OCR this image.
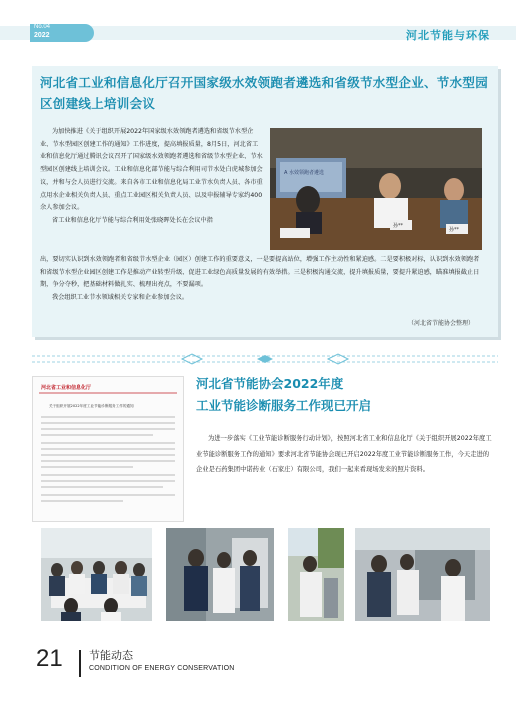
No.04
2022	河北节能与环保
河北省工业和信息化厅召开国家级水效领跑者遴选和省级节水型企业、节水型园区创建线上培训会议
A 水效领跑者遴选
孙**
孙**

为加快推进《关于组织开展2022年国家级水效领跑者遴选和省级节水型企业、节水型园区创建工作的通知》工作进度，提高填报质量，8月5日，河北省工业和信息化厅通过腾讯会议召开了国家级水效领跑者遴选和省级节水型企业、节水型园区创建线上培训会议。工业和信息化部节能与综合利用司节水处白虎城参加会议，并和与会人员进行交流。来自各市工业和信息化局工业节水负责人员、各市重点用水企业相关负责人员、重点工业园区相关负责人员、以及申报辅导专家约400余人参加会议。

省工业和信息化厅节能与综合利用处张晓晖处长在会议中指

出，要切实认识到水效领跑者和省级节水型企业（园区）创建工作的重要意义，一是要提高站位，增强工作主动性和紧迫感。二是要积极对标，认识到水效领跑者和省级节水型企业园区创建工作是推动产业转型升级、促进工业绿色高质量发展的有效举措。三是积极沟通交流，提升填报质量，要提升紧迫感，瞄准填报截止日期，争分夺秒，把基础材料做扎实、梳理出亮点，不要漏项。

我会组织工业节水领域相关专家和企业参加会议。

（河北省节能协会整理）
河北省工业和信息化厅
关于组织开展2022年度工业节能诊断服务工作的通知
河北省节能协会2022年度
工业节能诊断服务工作现已开启

为进一步落实《工业节能诊断服务行动计划》，按照河北省工业和信息化厅《关于组织开展2022年度工业节能诊断服务工作的通知》要求河北省节能协会现已开启2022年度工业节能诊断服务工作，今天走进的企业是石药集团中诺药业（石家庄）有限公司，我们一起来看现场发来的照片资料。

21 节能动态
CONDITION OF ENERGY CONSERVATION
